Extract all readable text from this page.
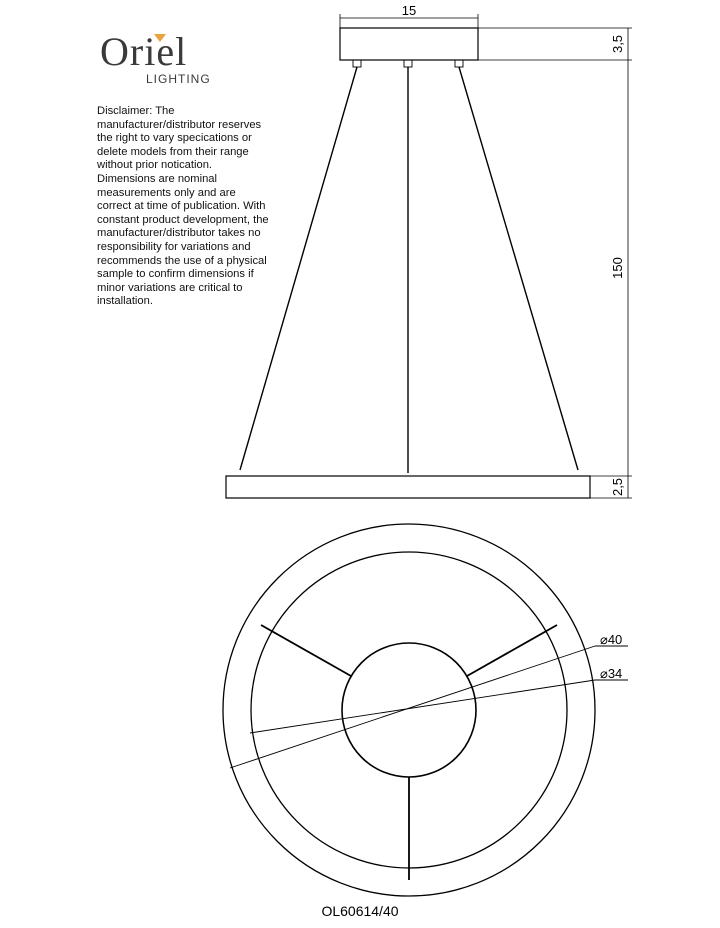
Oriel
LIGHTING
Disclaimer: The manufacturer/distributor reserves the right to vary specications or delete models from their range without prior notication. Dimensions are nominal measurements only and are correct at time of publication. With constant product development, the manufacturer/distributor takes no responsibility for variations and recommends the use of a physical sample to confirm dimensions if minor variations are critical to installation.
15
3,5
150
2,5
⌀40
⌀34
OL60614/40
